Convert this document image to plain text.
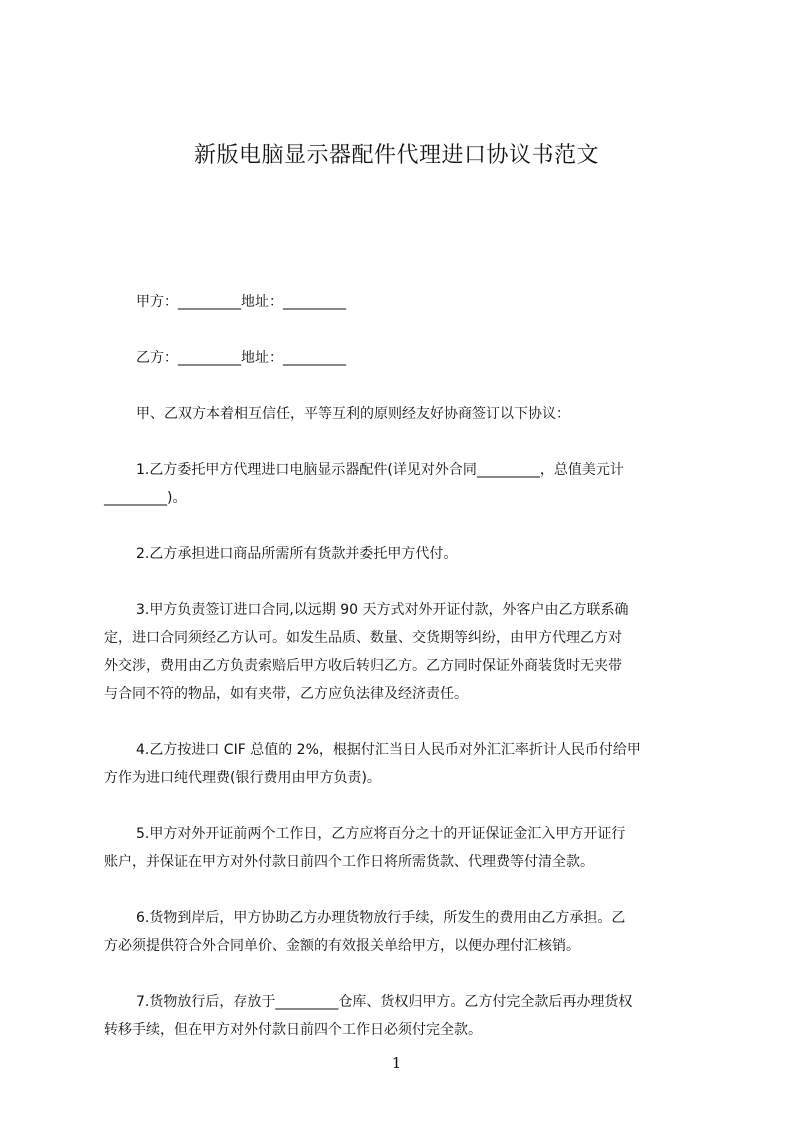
新版电脑显示器配件代理进口协议书范文

甲方：_________地址：_________

乙方：_________地址：_________

甲、乙双方本着相互信任，平等互利的原则经友好协商签订以下协议：

1.乙方委托甲方代理进口电脑显示器配件(详见对外合同_________，总值美元计

_________)。

2.乙方承担进口商品所需所有货款并委托甲方代付。

3.甲方负责签订进口合同,以远期 90 天方式对外开证付款，外客户由乙方联系确

定，进口合同须经乙方认可。如发生品质、数量、交货期等纠纷，由甲方代理乙方对

外交涉，费用由乙方负责索赔后甲方收后转归乙方。乙方同时保证外商装货时无夹带

与合同不符的物品，如有夹带，乙方应负法律及经济责任。

4.乙方按进口 CIF 总值的 2%，根据付汇当日人民币对外汇汇率折计人民币付给甲

方作为进口纯代理费(银行费用由甲方负责)。

5.甲方对外开证前两个工作日，乙方应将百分之十的开证保证金汇入甲方开证行

账户，并保证在甲方对外付款日前四个工作日将所需货款、代理费等付清全款。

6.货物到岸后，甲方协助乙方办理货物放行手续，所发生的费用由乙方承担。乙

方必须提供符合外合同单价、金额的有效报关单给甲方，以便办理付汇核销。

7.货物放行后，存放于_________仓库、货权归甲方。乙方付完全款后再办理货权

转移手续，但在甲方对外付款日前四个工作日必须付完全款。

1
